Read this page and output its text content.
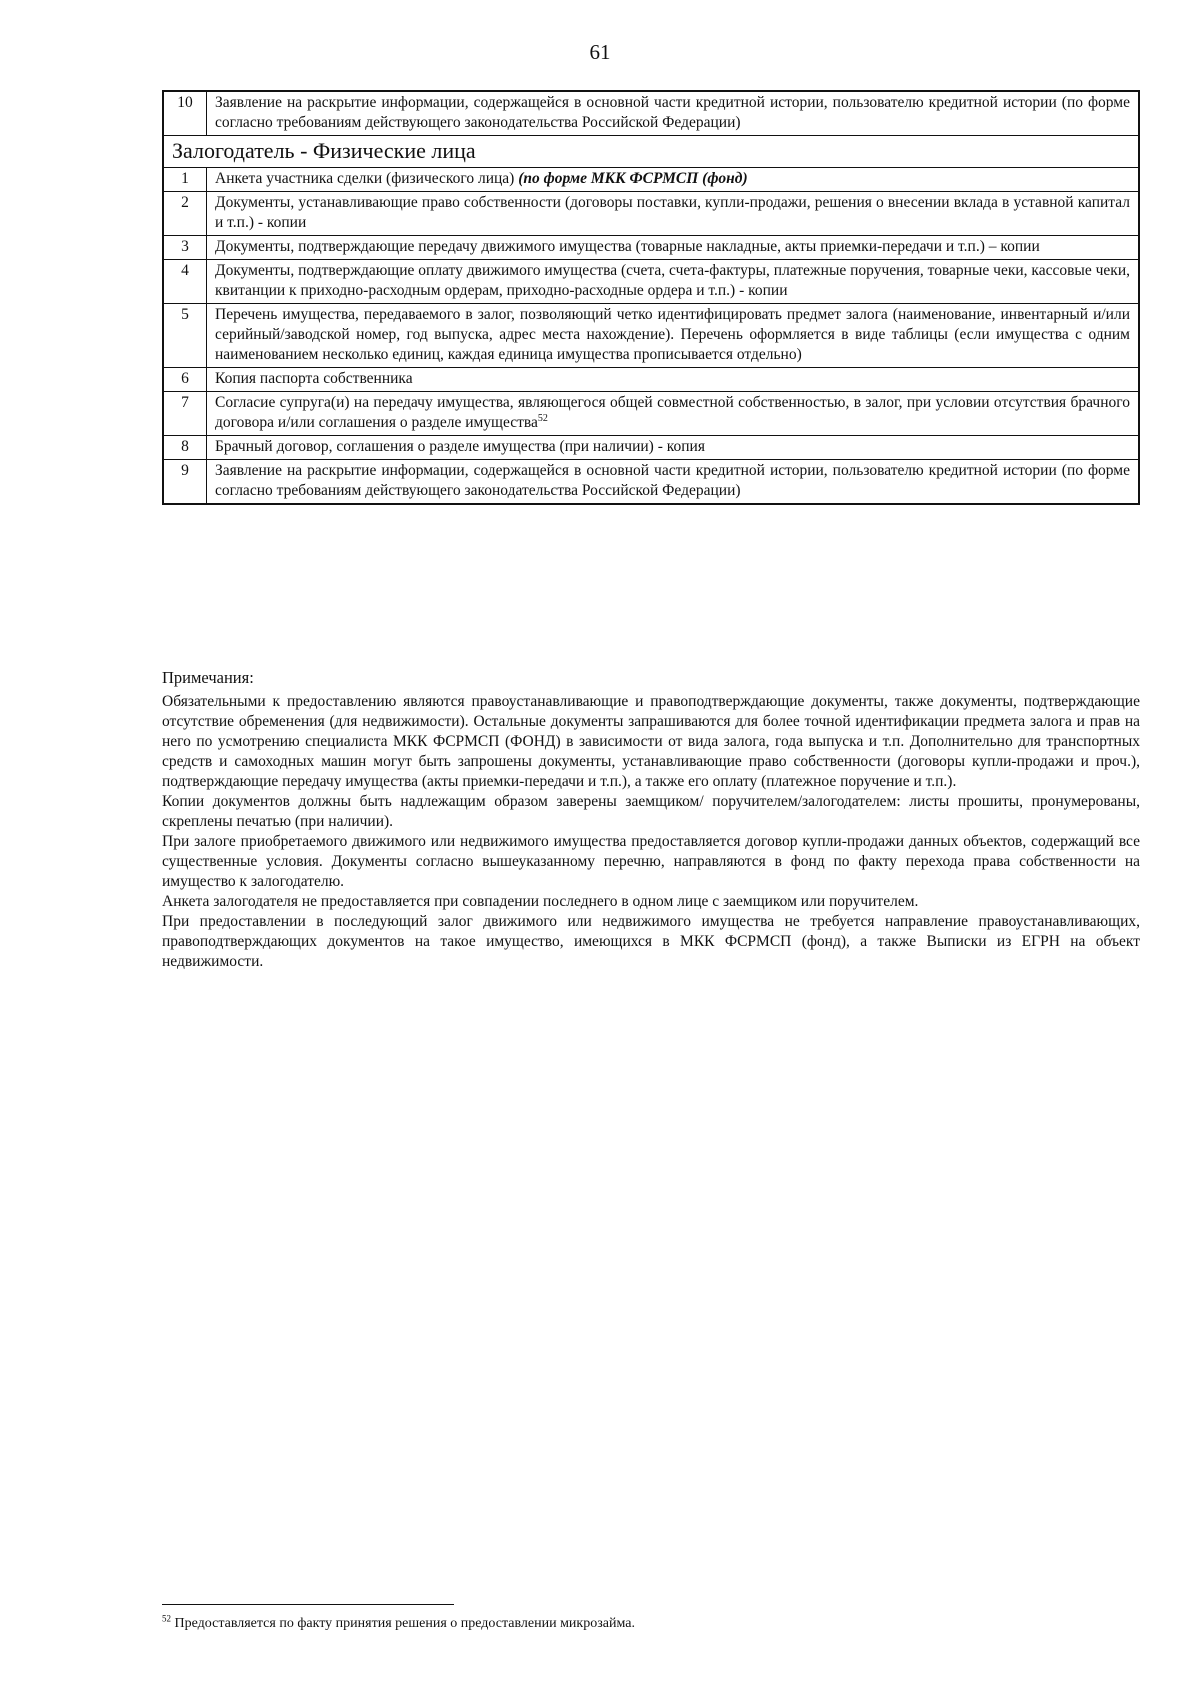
61
10	Заявление на раскрытие информации, содержащейся в основной части кредитной истории, пользователю кредитной истории (по форме согласно требованиям действующего законодательства Российской Федерации)
Залогодатель - Физические лица	
1	Анкета участника сделки (физического лица) (по форме МКК ФСРМСП (фонд)
2	Документы, устанавливающие право собственности (договоры поставки, купли-продажи, решения о внесении вклада в уставной капитал и т.п.) - копии
3	Документы, подтверждающие передачу движимого имущества (товарные накладные, акты приемки-передачи и т.п.) – копии
4	Документы, подтверждающие оплату движимого имущества (счета, счета-фактуры, платежные поручения, товарные чеки, кассовые чеки, квитанции к приходно-расходным ордерам, приходно-расходные ордера и т.п.) - копии
5	Перечень имущества, передаваемого в залог, позволяющий четко идентифицировать предмет залога (наименование, инвентарный и/или серийный/заводской номер, год выпуска, адрес места нахождение). Перечень оформляется в виде таблицы (если имущества с одним наименованием несколько единиц, каждая единица имущества прописывается отдельно)
6	Копия паспорта собственника
7	Согласие супруга(и) на передачу имущества, являющегося общей совместной собственностью, в залог, при условии отсутствия брачного договора и/или соглашения о разделе имущества$^{52}$
8	Брачный договор, соглашения о разделе имущества (при наличии) - копия
9	Заявление на раскрытие информации, содержащейся в основной части кредитной истории, пользователю кредитной истории (по форме согласно требованиям действующего законодательства Российской Федерации)
Примечания:

Обязательными к предоставлению являются правоустанавливающие и правоподтверждающие документы, также документы, подтверждающие отсутствие обременения (для недвижимости). Остальные документы запрашиваются для более точной идентификации предмета залога и прав на него по усмотрению специалиста МКК ФСРМСП (ФОНД) в зависимости от вида залога, года выпуска и т.п. Дополнительно для транспортных средств и самоходных машин могут быть запрошены документы, устанавливающие право собственности (договоры купли-продажи и проч.), подтверждающие передачу имущества (акты приемки-передачи и т.п.), а также его оплату (платежное поручение и т.п.).

Копии документов должны быть надлежащим образом заверены заемщиком/ поручителем/залогодателем: листы прошиты, пронумерованы, скреплены печатью (при наличии).

При залоге приобретаемого движимого или недвижимого имущества предоставляется договор купли-продажи данных объектов, содержащий все существенные условия. Документы согласно вышеуказанному перечню, направляются в фонд по факту перехода права собственности на имущество к залогодателю.

Анкета залогодателя не предоставляется при совпадении последнего в одном лице с заемщиком или поручителем.

При предоставлении в последующий залог движимого или недвижимого имущества не требуется направление правоустанавливающих, правоподтверждающих документов на такое имущество, имеющихся в МКК ФСРМСП (фонд), а также Выписки из ЕГРН на объект недвижимости.

$^{52}$ Предоставляется по факту принятия решения о предоставлении микрозайма.
